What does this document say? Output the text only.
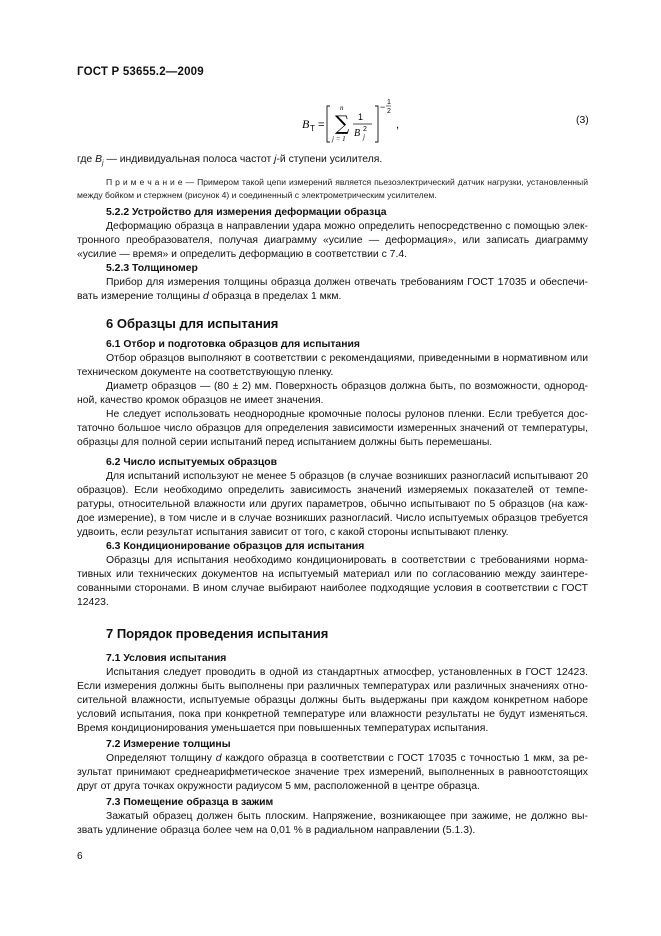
ГОСТ Р 53655.2—2009
B T =
n
∑
j = 1
1
B 2
j
− 1
2
,	(3)

где $B_j$ — индивидуальная полоса частот j-й ступени усилителя.

П р и м е ч а н и е — Примером такой цепи измерений является пьезоэлектрический датчик нагрузки, установленный между бойком и стержнем (рисунок 4) и соединенный с электрометрическим усилителем.

5.2.2 Устройство для измерения деформации образца

Деформацию образца в направлении удара можно определить непосредственно с помощью электронного преобразователя, получая диаграмму «усилие — деформация», или записать диаграмму «усилие — время» и определить деформацию в соответствии с 7.4.

5.2.3 Толщиномер

Прибор для измерения толщины образца должен отвечать требованиям ГОСТ 17035 и обеспечивать измерение толщины d образца в пределах 1 мкм.

6 Образцы для испытания
6.1 Отбор и подготовка образцов для испытания

Отбор образцов выполняют в соответствии с рекомендациями, приведенными в нормативном или техническом документе на соответствующую пленку.

Диаметр образцов — (80 ± 2) мм. Поверхность образцов должна быть, по возможности, однородной, качество кромок образцов не имеет значения.

Не следует использовать неоднородные кромочные полосы рулонов пленки. Если требуется достаточно большое число образцов для определения зависимости измеренных значений от температуры, образцы для полной серии испытаний перед испытанием должны быть перемешаны.

6.2 Число испытуемых образцов

Для испытаний используют не менее 5 образцов (в случае возникших разногласий испытывают 20 образцов). Если необходимо определить зависимость значений измеряемых показателей от температуры, относительной влажности или других параметров, обычно испытывают по 5 образцов (на каждое измерение), в том числе и в случае возникших разногласий. Число испытуемых образцов требуется удвоить, если результат испытания зависит от того, с какой стороны испытывают пленку.

6.3 Кондиционирование образцов для испытания

Образцы для испытания необходимо кондиционировать в соответствии с требованиями нормативных или технических документов на испытуемый материал или по согласованию между заинтересованными сторонами. В ином случае выбирают наиболее подходящие условия в соответствии с ГОСТ 12423.

7 Порядок проведения испытания
7.1 Условия испытания

Испытания следует проводить в одной из стандартных атмосфер, установленных в ГОСТ 12423. Если измерения должны быть выполнены при различных температурах или различных значениях относительной влажности, испытуемые образцы должны быть выдержаны при каждом конкретном наборе условий испытания, пока при конкретной температуре или влажности результаты не будут изменяться. Время кондиционирования уменьшается при повышенных температурах испытания.

7.2 Измерение толщины

Определяют толщину d каждого образца в соответствии с ГОСТ 17035 с точностью 1 мкм, за результат принимают среднеарифметическое значение трех измерений, выполненных в равноотстоящих друг от друга точках окружности радиусом 5 мм, расположенной в центре образца.

7.3 Помещение образца в зажим

Зажатый образец должен быть плоским. Напряжение, возникающее при зажиме, не должно вызвать удлинение образца более чем на 0,01 % в радиальном направлении (5.1.3).

6
